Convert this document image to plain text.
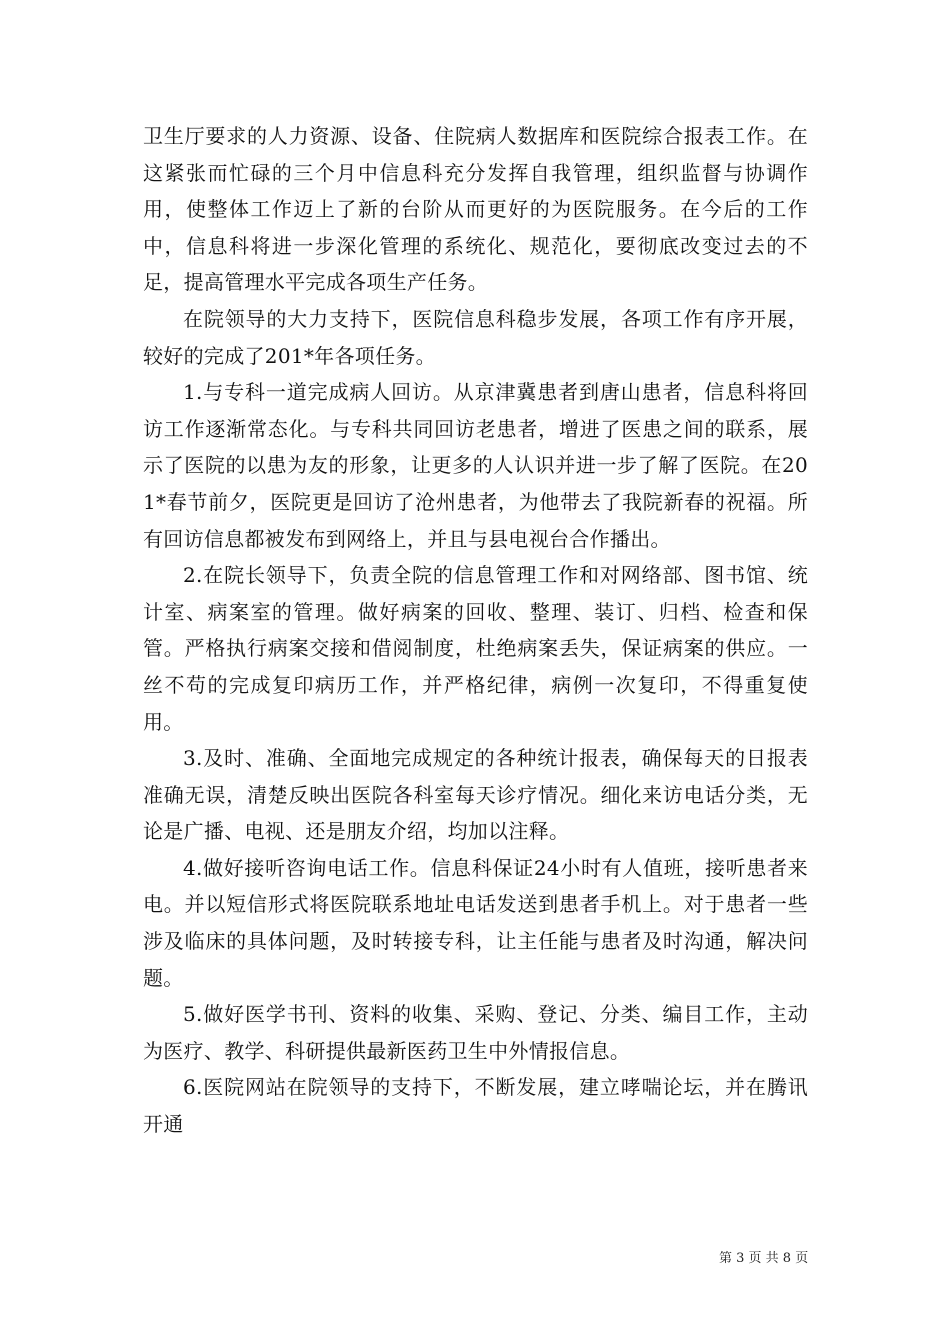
卫生厅要求的人力资源、设备、住院病人数据库和医院综合报表工作。在这紧张而忙碌的三个月中信息科充分发挥自我管理，组织监督与协调作用，使整体工作迈上了新的台阶从而更好的为医院服务。在今后的工作中，信息科将进一步深化管理的系统化、规范化，要彻底改变过去的不足，提高管理水平完成各项生产任务。

在院领导的大力支持下，医院信息科稳步发展，各项工作有序开展，较好的完成了201*年各项任务。

1.与专科一道完成病人回访。从京津冀患者到唐山患者，信息科将回访工作逐渐常态化。与专科共同回访老患者，增进了医患之间的联系，展示了医院的以患为友的形象，让更多的人认识并进一步了解了医院。在201*春节前夕，医院更是回访了沧州患者，为他带去了我院新春的祝福。所有回访信息都被发布到网络上，并且与县电视台合作播出。

2.在院长领导下，负责全院的信息管理工作和对网络部、图书馆、统计室、病案室的管理。做好病案的回收、整理、装订、归档、检查和保管。严格执行病案交接和借阅制度，杜绝病案丢失，保证病案的供应。一丝不苟的完成复印病历工作，并严格纪律，病例一次复印，不得重复使用。

3.及时、准确、全面地完成规定的各种统计报表，确保每天的日报表准确无误，清楚反映出医院各科室每天诊疗情况。细化来访电话分类，无论是广播、电视、还是朋友介绍，均加以注释。

4.做好接听咨询电话工作。信息科保证24小时有人值班，接听患者来电。并以短信形式将医院联系地址电话发送到患者手机上。对于患者一些涉及临床的具体问题，及时转接专科，让主任能与患者及时沟通，解决问题。

5.做好医学书刊、资料的收集、采购、登记、分类、编目工作，主动为医疗、教学、科研提供最新医药卫生中外情报信息。

6.医院网站在院领导的支持下，不断发展，建立哮喘论坛，并在腾讯开通

第 3 页 共 8 页
